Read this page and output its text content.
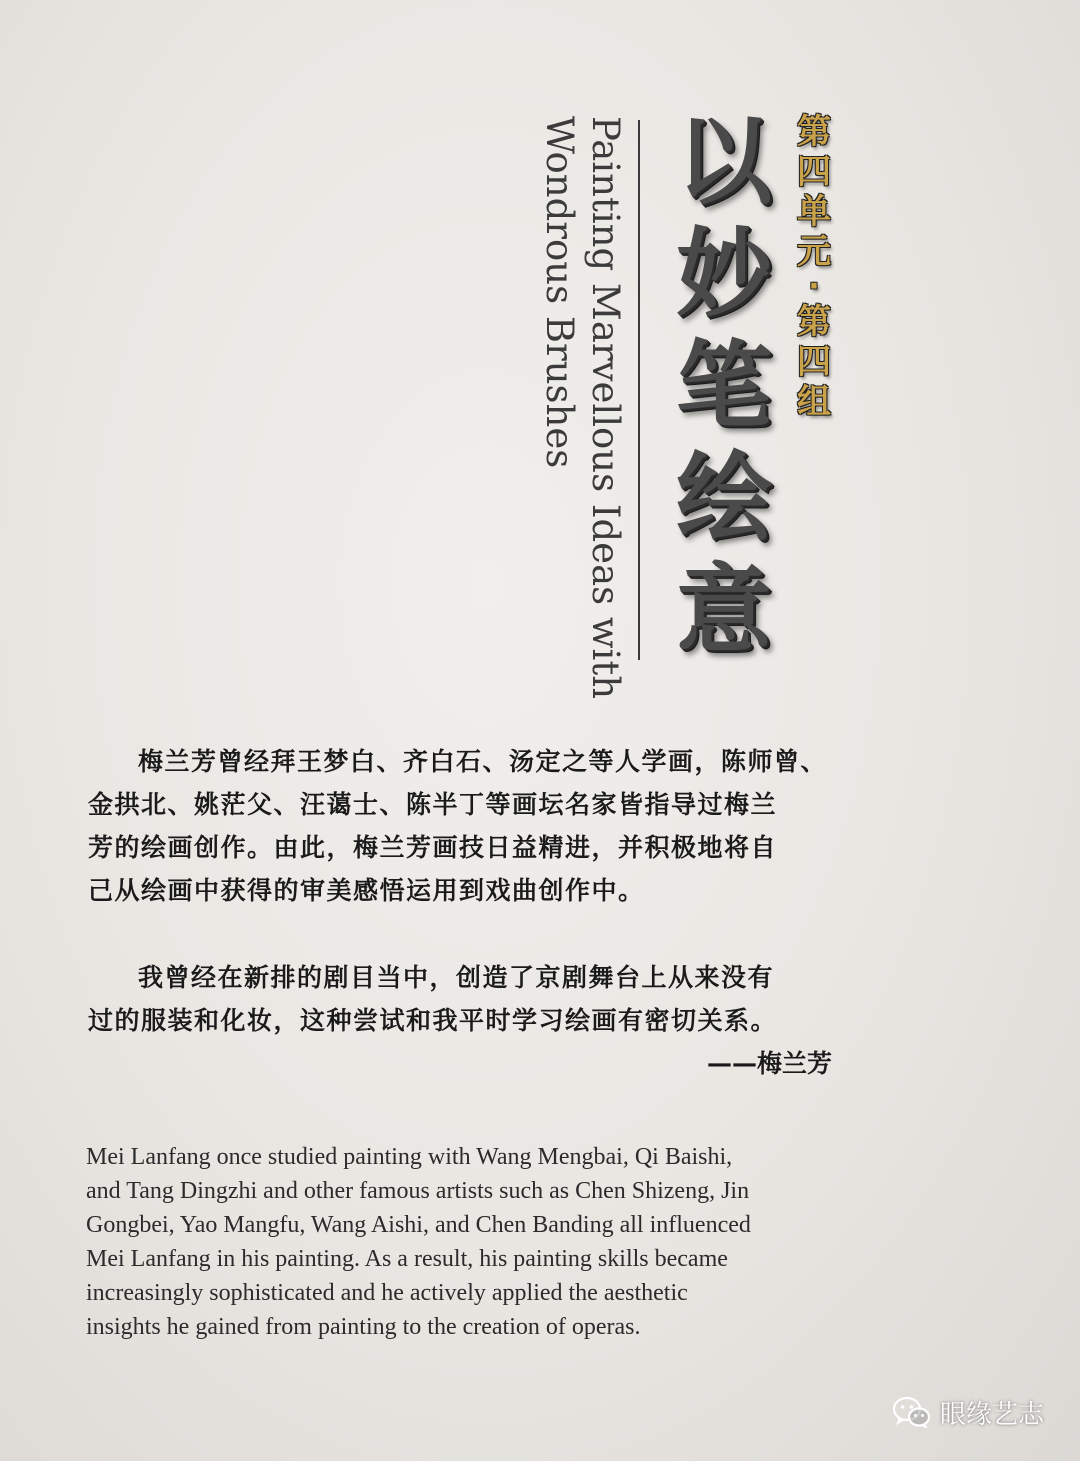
第
四
单
元
·
第
四
组
以
妙
笔
绘
意
Painting Marvellous Ideas with
Wondrous Brushes

梅兰芳曾经拜王梦白、齐白石、汤定之等人学画，陈师曾、

金拱北、姚茫父、汪蔼士、陈半丁等画坛名家皆指导过梅兰
芳的绘画创作。由此，梅兰芳画技日益精进，并积极地将自
己从绘画中获得的审美感悟运用到戏曲创作中。

我曾经在新排的剧目当中，创造了京剧舞台上从来没有

过的服装和化妆，这种尝试和我平时学习绘画有密切关系。

——梅兰芳

Mei Lanfang once studied painting with Wang Mengbai, Qi Baishi,
and Tang Dingzhi and other famous artists such as Chen Shizeng, Jin
Gongbei, Yao Mangfu, Wang Aishi, and Chen Banding all influenced
Mei Lanfang in his painting. As a result, his painting skills became
increasingly sophisticated and he actively applied the aesthetic
insights he gained from painting to the creation of operas.
眼缘艺志
